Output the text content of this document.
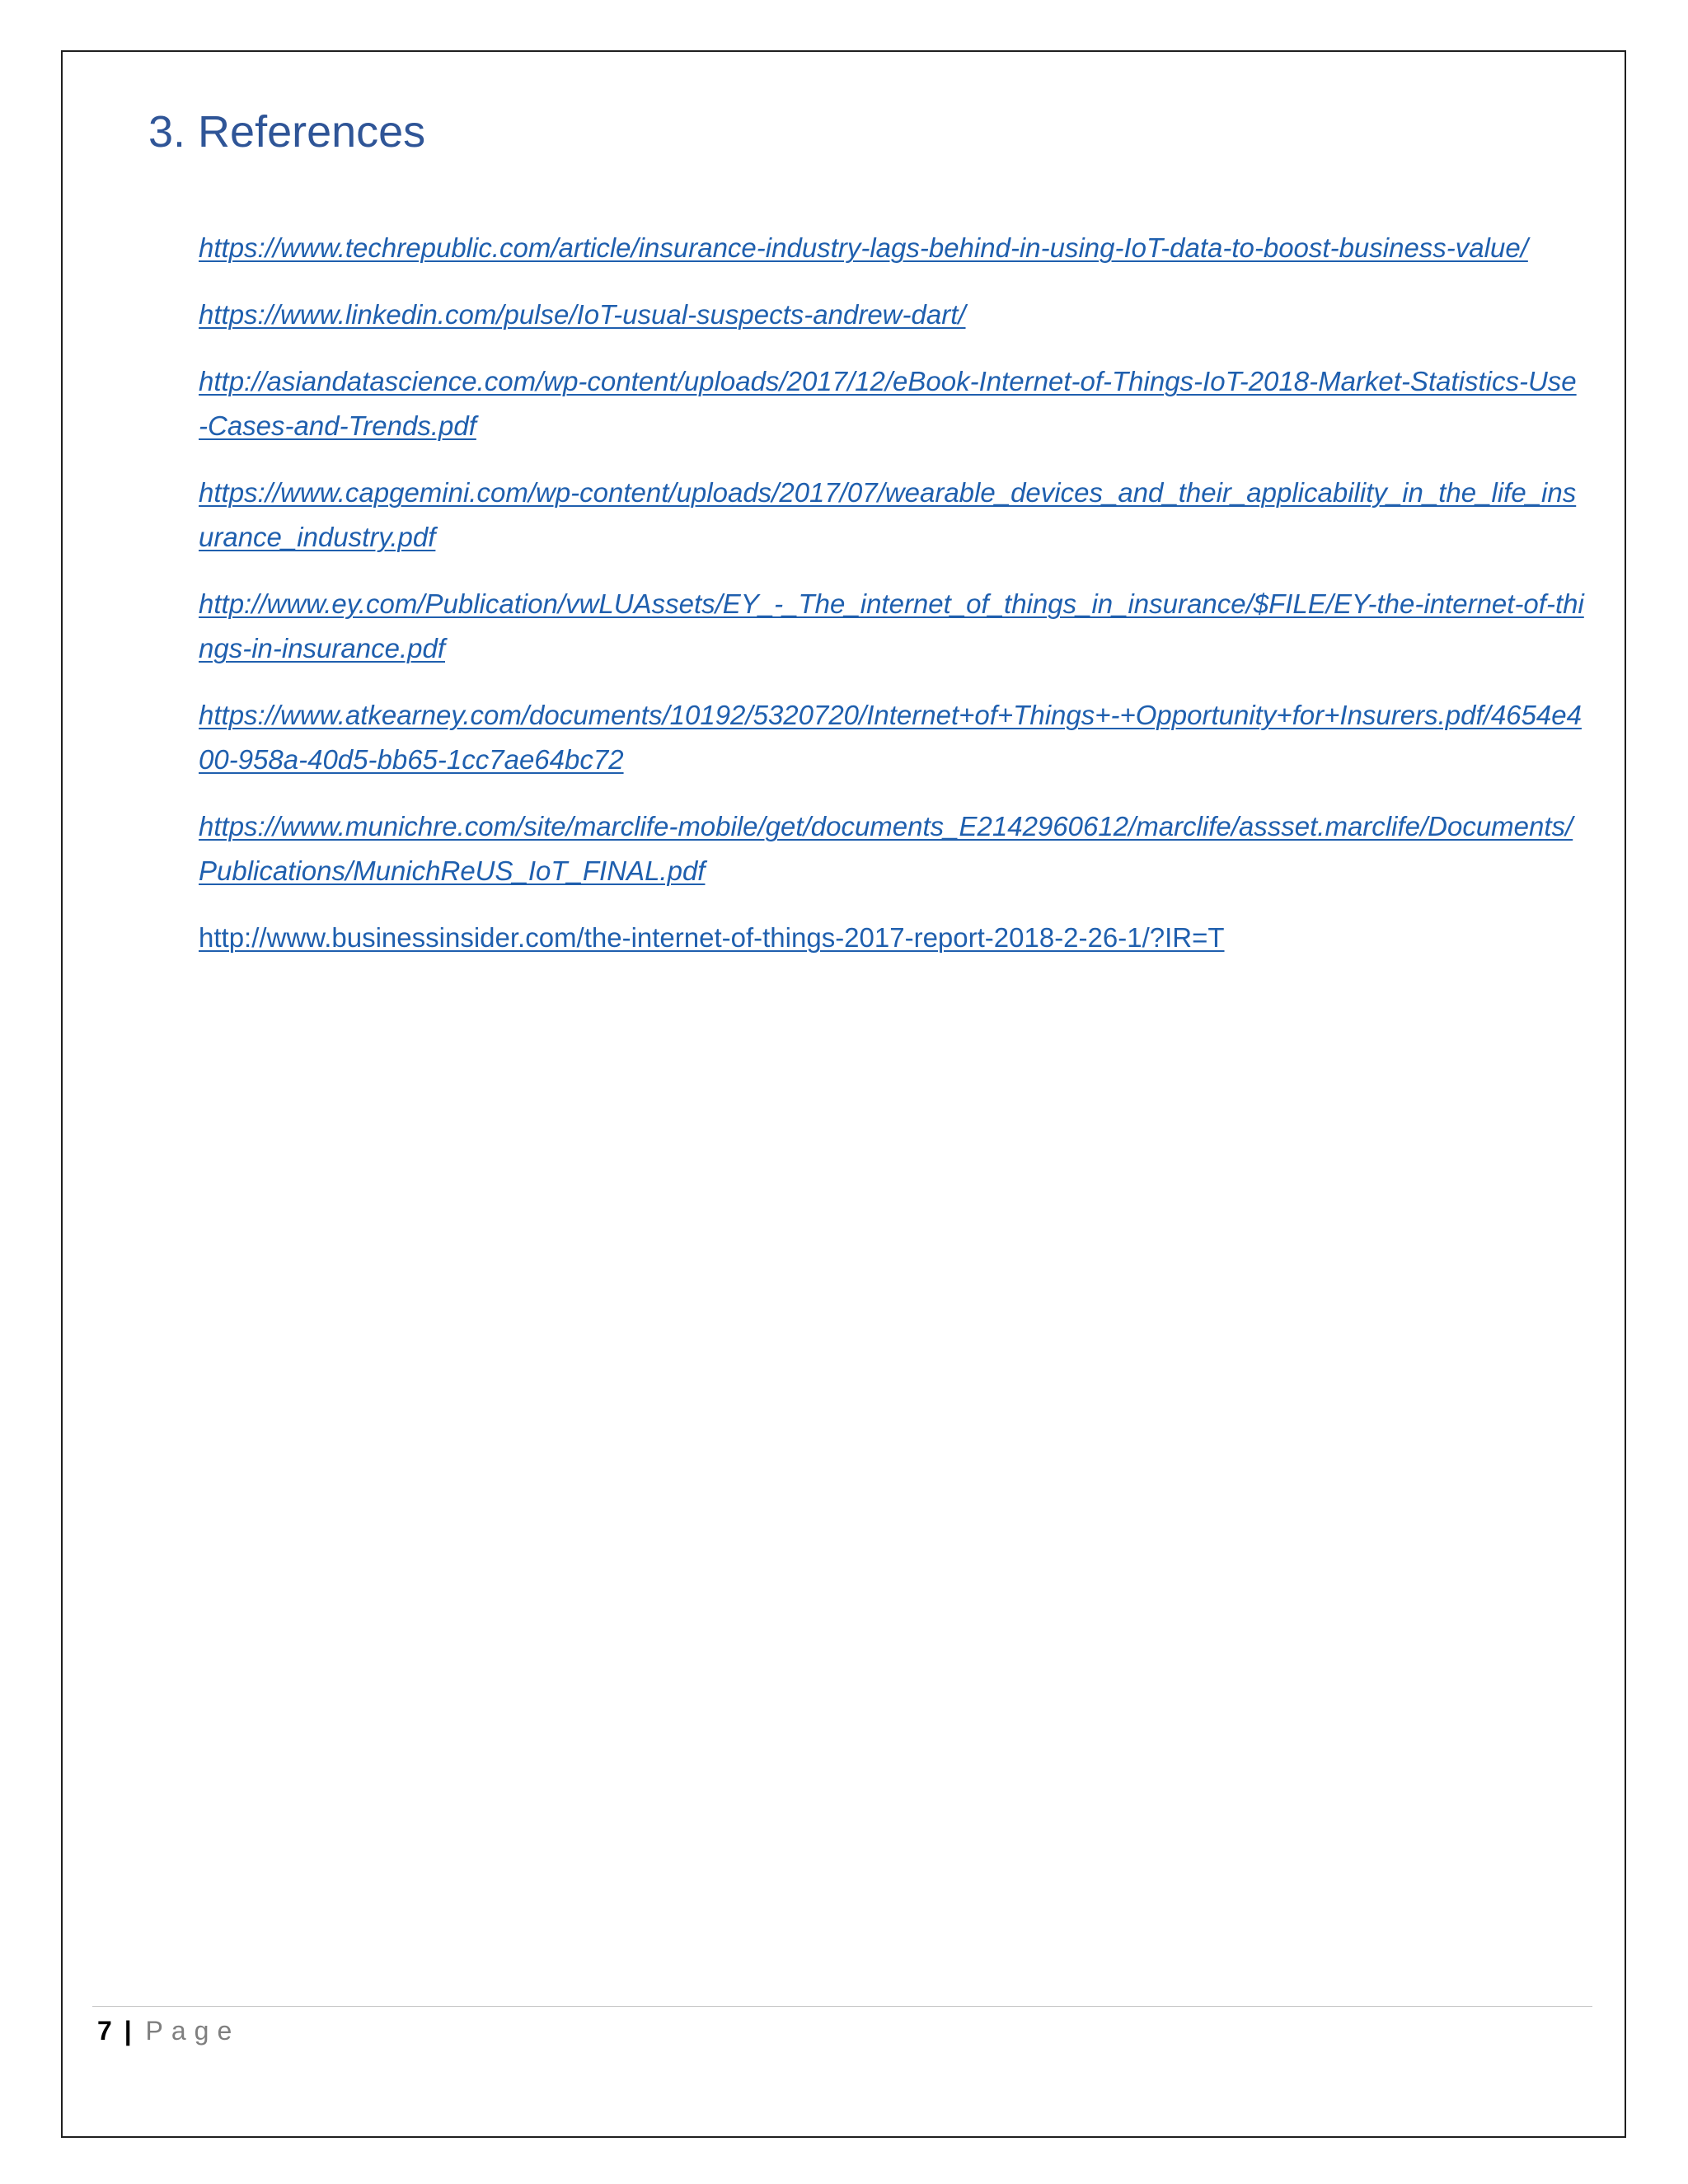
3. References
https://www.techrepublic.com/article/insurance-industry-lags-behind-in-using-IoT-data-to-boost-business-value/
https://www.linkedin.com/pulse/IoT-usual-suspects-andrew-dart/
http://asiandatascience.com/wp-content/uploads/2017/12/eBook-Internet-of-Things-IoT-2018-Market-Statistics-Use-Cases-and-Trends.pdf
https://www.capgemini.com/wp-content/uploads/2017/07/wearable_devices_and_their_applicability_in_the_life_insurance_industry.pdf
http://www.ey.com/Publication/vwLUAssets/EY_-_The_internet_of_things_in_insurance/$FILE/EY-the-internet-of-things-in-insurance.pdf
https://www.atkearney.com/documents/10192/5320720/Internet+of+Things+-+Opportunity+for+Insurers.pdf/4654e400-958a-40d5-bb65-1cc7ae64bc72
https://www.munichre.com/site/marclife-mobile/get/documents_E2142960612/marclife/assset.marclife/Documents/Publications/MunichReUS_IoT_FINAL.pdf
http://www.businessinsider.com/the-internet-of-things-2017-report-2018-2-26-1/?IR=T
7 | Page
